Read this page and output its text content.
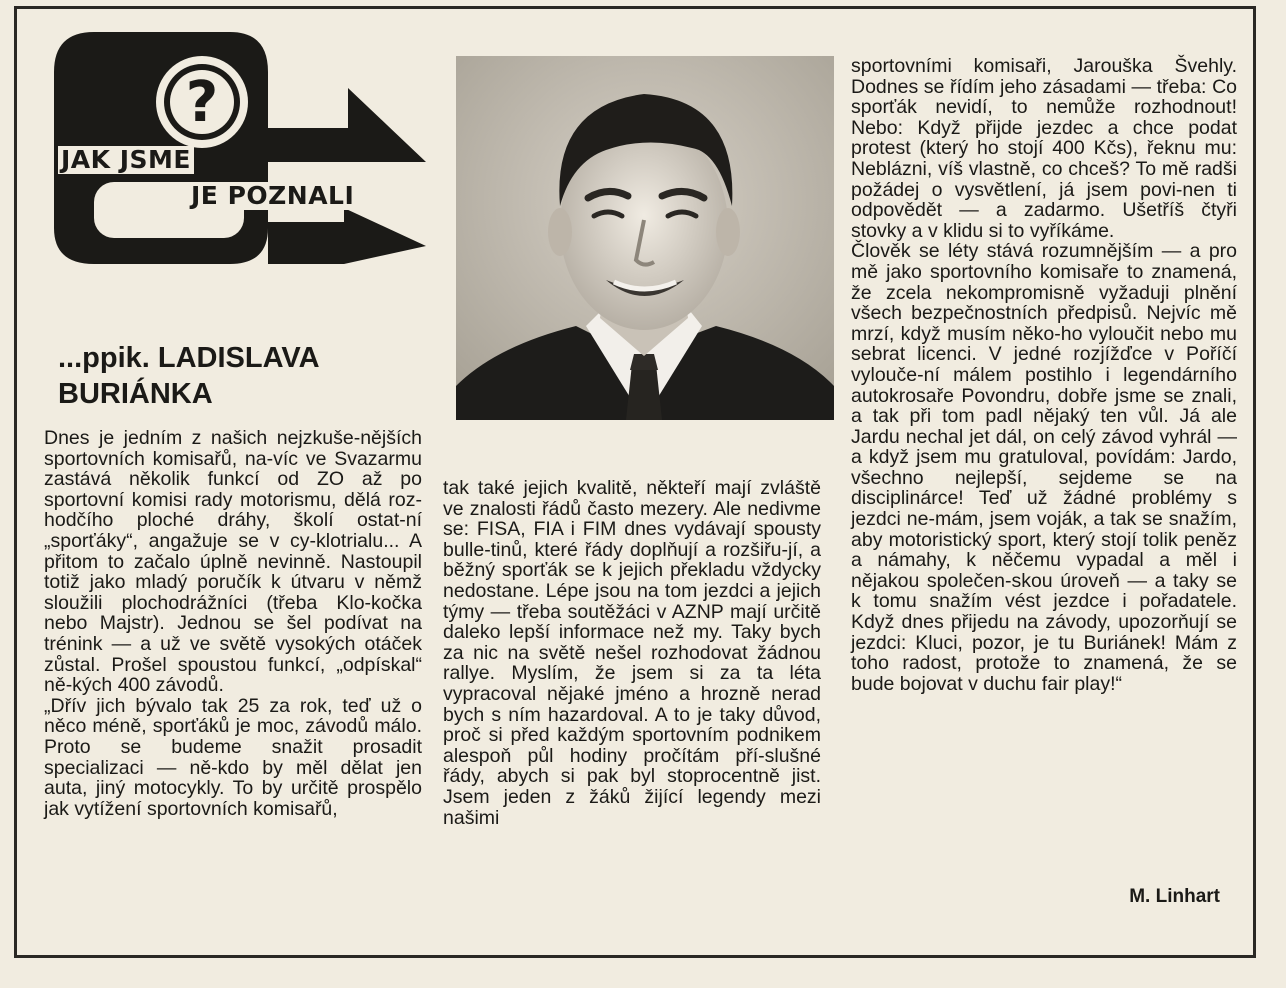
?
JAK JSME
JE POZNALI
...ppik. LADISLAVA
BURIÁNKA

Dnes je jedním z našich nejzkuše-nějších sportovních komisařů, na-víc ve Svazarmu zastává několik funkcí od ZO až po sportovní komisi rady motorismu, dělá roz-hodčího ploché dráhy, školí ostat-ní „sporťáky“, angažuje se v cy-klotrialu... A přitom to začalo úplně nevinně. Nastoupil totiž jako mladý poručík k útvaru v němž sloužili plochodrážníci (třeba Klo-kočka nebo Majstr). Jednou se šel podívat na trénink — a už ve světě vysokých otáček zůstal. Prošel spoustou funkcí, „odpískal“ ně-kých 400 závodů.

„Dřív jich bývalo tak 25 za rok, teď už o něco méně, sporťáků je moc, závodů málo. Proto se budeme snažit prosadit specializaci — ně-kdo by měl dělat jen auta, jiný motocykly. To by určitě prospělo jak vytížení sportovních komisařů,

tak také jejich kvalitě, někteří mají zvláště ve znalosti řádů často mezery. Ale nedivme se: FISA, FIA i FIM dnes vydávají spousty bulle-tinů, které řády doplňují a rozšiřu-jí, a běžný sporťák se k jejich překladu vždycky nedostane. Lépe jsou na tom jezdci a jejich týmy — třeba soutěžáci v AZNP mají určitě daleko lepší informace než my. Taky bych za nic na světě nešel rozhodovat žádnou rallye. Myslím, že jsem si za ta léta vypracoval nějaké jméno a hrozně nerad bych s ním hazardoval. A to je taky důvod, proč si před každým sportovním podnikem alespoň půl hodiny pročítám pří-slušné řády, abych si pak byl stoprocentně jist. Jsem jeden z žáků žijící legendy mezi našimi

sportovními komisaři, Jarouška Švehly. Dodnes se řídím jeho zásadami — třeba: Co sporťák nevidí, to nemůže rozhodnout! Nebo: Když přijde jezdec a chce podat protest (který ho stojí 400 Kčs), řeknu mu: Neblázni, víš vlastně, co chceš? To mě radši požádej o vysvětlení, já jsem povi-nen ti odpovědět — a zadarmo. Ušetříš čtyři stovky a v klidu si to vyříkáme.

Člověk se léty stává rozumnějším — a pro mě jako sportovního komisaře to znamená, že zcela nekompromisně vyžaduji plnění všech bezpečnostních předpisů. Nejvíc mě mrzí, když musím něko-ho vyloučit nebo mu sebrat licenci. V jedné rozjížďce v Poříčí vylouče-ní málem postihlo i legendárního autokrosaře Povondru, dobře jsme se znali, a tak při tom padl nějaký ten vůl. Já ale Jardu nechal jet dál, on celý závod vyhrál — a když jsem mu gratuloval, povídám: Jardo, všechno nejlepší, sejdeme se na disciplinárce! Teď už žádné problémy s jezdci ne-mám, jsem voják, a tak se snažím, aby motoristický sport, který stojí tolik peněz a námahy, k něčemu vypadal a měl i nějakou společen-skou úroveň — a taky se k tomu snažím vést jezdce i pořadatele. Když dnes přijedu na závody, upozorňují se jezdci: Kluci, pozor, je tu Buriánek! Mám z toho radost, protože to znamená, že se bude bojovat v duchu fair play!“

M. Linhart
